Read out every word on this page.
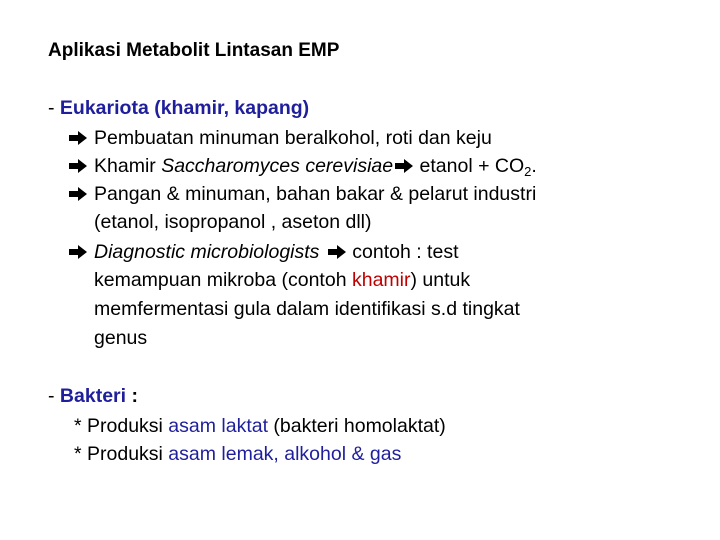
Aplikasi Metabolit Lintasan EMP
- Eukariota (khamir, kapang)
Pembuatan minuman beralkohol, roti dan keju
Khamir Saccharomyces cerevisiae
etanol + $CO_2$.
Pangan & minuman, bahan bakar & pelarut industri
(etanol, isopropanol , aseton dll)
Diagnostic microbiologists
contoh : test
kemampuan mikroba (contoh khamir) untuk
memfermentasi gula dalam identifikasi s.d tingkat
genus
- Bakteri :
* Produksi asam laktat (bakteri homolaktat)
* Produksi asam lemak, alkohol & gas
